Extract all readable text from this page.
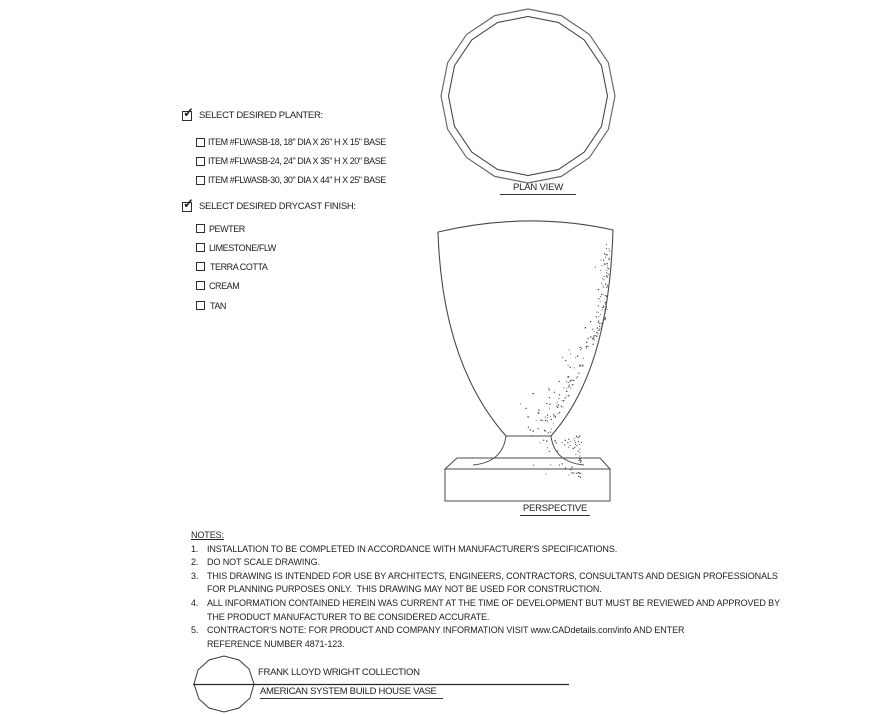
✓ SELECT DESIRED PLANTER:
ITEM #FLWASB-18, 18" DIA X 26" H X 15" BASE
ITEM #FLWASB-24, 24" DIA X 35" H X 20" BASE
ITEM #FLWASB-30, 30" DIA X 44" H X 25" BASE
✓ SELECT DESIRED DRYCAST FINISH:
PEWTER
LIMESTONE/FLW
TERRA COTTA
CREAM
TAN
PLAN VIEW
PERSPECTIVE
NOTES:
1. INSTALLATION TO BE COMPLETED IN ACCORDANCE WITH MANUFACTURER'S SPECIFICATIONS.
2. DO NOT SCALE DRAWING.
3. THIS DRAWING IS INTENDED FOR USE BY ARCHITECTS, ENGINEERS, CONTRACTORS, CONSULTANTS AND DESIGN PROFESSIONALS
FOR PLANNING PURPOSES ONLY.  THIS DRAWING MAY NOT BE USED FOR CONSTRUCTION.
4. ALL INFORMATION CONTAINED HEREIN WAS CURRENT AT THE TIME OF DEVELOPMENT BUT MUST BE REVIEWED AND APPROVED BY
THE PRODUCT MANUFACTURER TO BE CONSIDERED ACCURATE.
5. CONTRACTOR'S NOTE: FOR PRODUCT AND COMPANY INFORMATION VISIT www.CADdetails.com/info AND ENTER
REFERENCE NUMBER 4871-123.
FRANK LLOYD WRIGHT COLLECTION
AMERICAN SYSTEM BUILD HOUSE VASE
